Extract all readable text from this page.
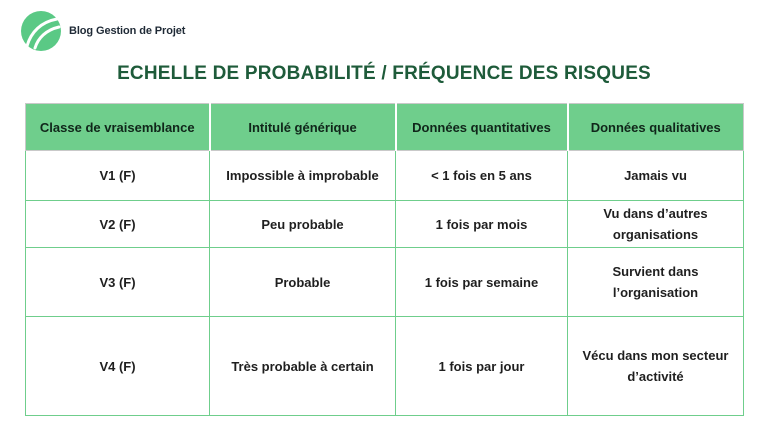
Blog Gestion de Projet
ECHELLE DE PROBABILITÉ / FRÉQUENCE DES RISQUES
Classe de vraisemblance	Intitulé générique	Données quantitatives	Données qualitatives
V1 (F)	Impossible à improbable	< 1 fois en 5 ans	Jamais vu
V2 (F)	Peu probable	1 fois par mois	Vu dans d’autres organisations
V3 (F)	Probable	1 fois par semaine	Survient dans l’organisation
V4 (F)	Très probable à certain	1 fois par jour	Vécu dans mon secteur d’activité
